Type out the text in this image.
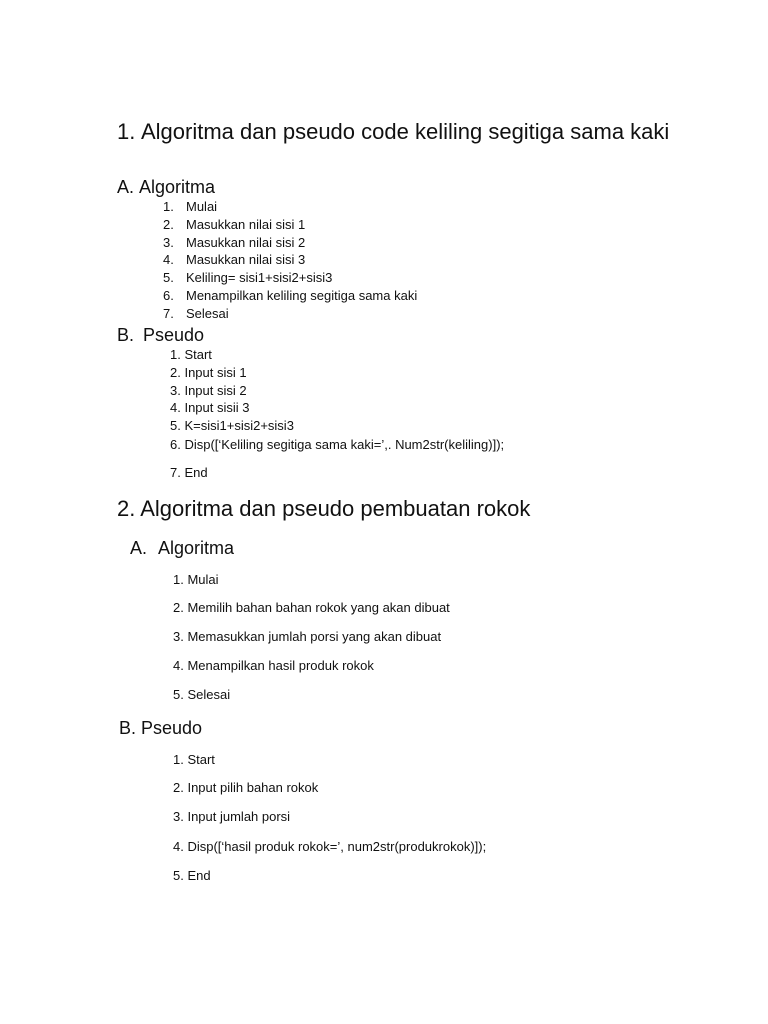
1. Algoritma dan pseudo code keliling segitiga sama kaki
A. Algoritma
1. Mulai
2. Masukkan nilai sisi 1
3. Masukkan nilai sisi 2
4. Masukkan nilai sisi 3
5. Keliling= sisi1+sisi2+sisi3
6. Menampilkan keliling segitiga sama kaki
7. Selesai
B. Pseudo
1. Start
2. Input sisi 1
3. Input sisi 2
4. Input sisii 3
5. K=sisi1+sisi2+sisi3
6. Disp([‘Keliling segitiga sama kaki=’,. Num2str(keliling)]);
7. End
2. Algoritma dan pseudo pembuatan rokok
A. Algoritma
1. Mulai
2. Memilih bahan bahan rokok yang akan dibuat
3. Memasukkan jumlah porsi yang akan dibuat
4. Menampilkan hasil produk rokok
5. Selesai
B. Pseudo
1. Start
2. Input pilih bahan rokok
3. Input jumlah porsi
4. Disp([‘hasil produk rokok=’, num2str(produkrokok)]);
5. End
